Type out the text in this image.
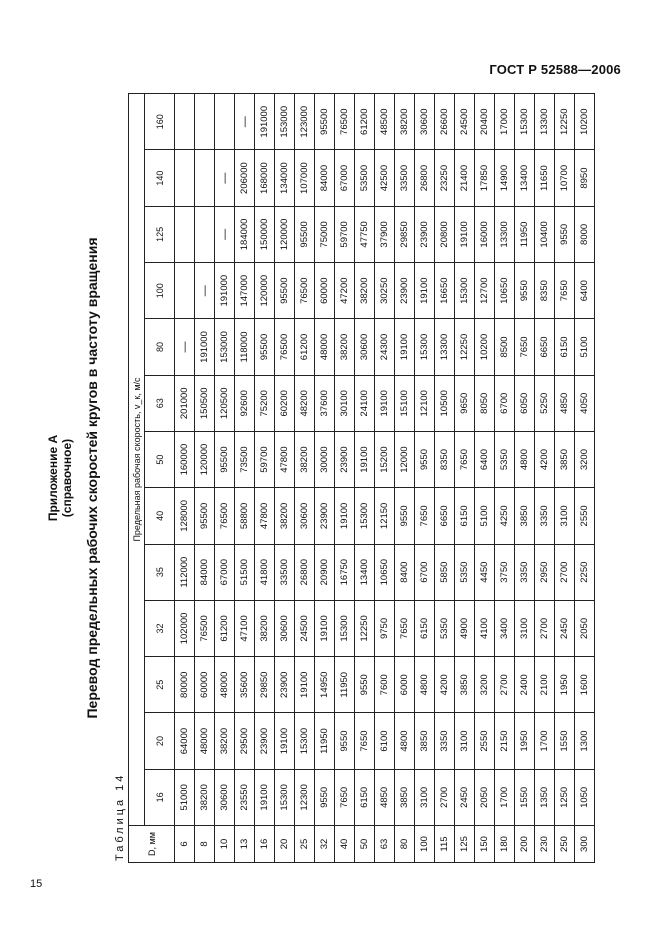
ГОСТ Р 52588—2006
Приложение А (справочное) Перевод предельных рабочих скоростей кругов в частоту вращения
Таблица 14 D, мм	Предельная рабочая скорость, v_к, м/с												
	16	20	25	32	35	40	50	63	80	100	125	140	160
6	51000	64000	80000	102000	112000	128000	160000	201000	—				
8	38200	48000	60000	76500	84000	95500	120000	150500	191000	—			
10	30600	38200	48000	61200	67000	76500	95500	120500	153000	191000	—	—	
13	23550	29500	35600	47100	51500	58800	73500	92600	118000	147000	184000	206000	—
16	19100	23900	29850	38200	41800	47800	59700	75200	95500	120000	150000	168000	191000
20	15300	19100	23900	30600	33500	38200	47800	60200	76500	95500	120000	134000	153000
25	12300	15300	19100	24500	26800	30600	38200	48200	61200	76500	95500	107000	123000
32	9550	11950	14950	19100	20900	23900	30000	37600	48000	60000	75000	84000	95500
40	7650	9550	11950	15300	16750	19100	23900	30100	38200	47200	59700	67000	76500
50	6150	7650	9550	12250	13400	15300	19100	24100	30600	38200	47750	53500	61200
63	4850	6100	7600	9750	10650	12150	15200	19100	24300	30250	37900	42500	48500
80	3850	4800	6000	7650	8400	9550	12000	15100	19100	23900	29850	33500	38200
100	3100	3850	4800	6150	6700	7650	9550	12100	15300	19100	23900	26800	30600
115	2700	3350	4200	5350	5850	6650	8350	10500	13300	16650	20800	23250	26600
125	2450	3100	3850	4900	5350	6150	7650	9650	12250	15300	19100	21400	24500
150	2050	2550	3200	4100	4450	5100	6400	8050	10200	12700	16000	17850	20400
180	1700	2150	2700	3400	3750	4250	5350	6700	8500	10650	13300	14900	17000
200	1550	1950	2400	3100	3350	3850	4800	6050	7650	9550	11950	13400	15300
230	1350	1700	2100	2700	2950	3350	4200	5250	6650	8350	10400	11650	13300
250	1250	1550	1950	2450	2700	3100	3850	4850	6150	7650	9550	10700	12250
300	1050	1300	1600	2050	2250	2550	3200	4050	5100	6400	8000	8950	10200
15
